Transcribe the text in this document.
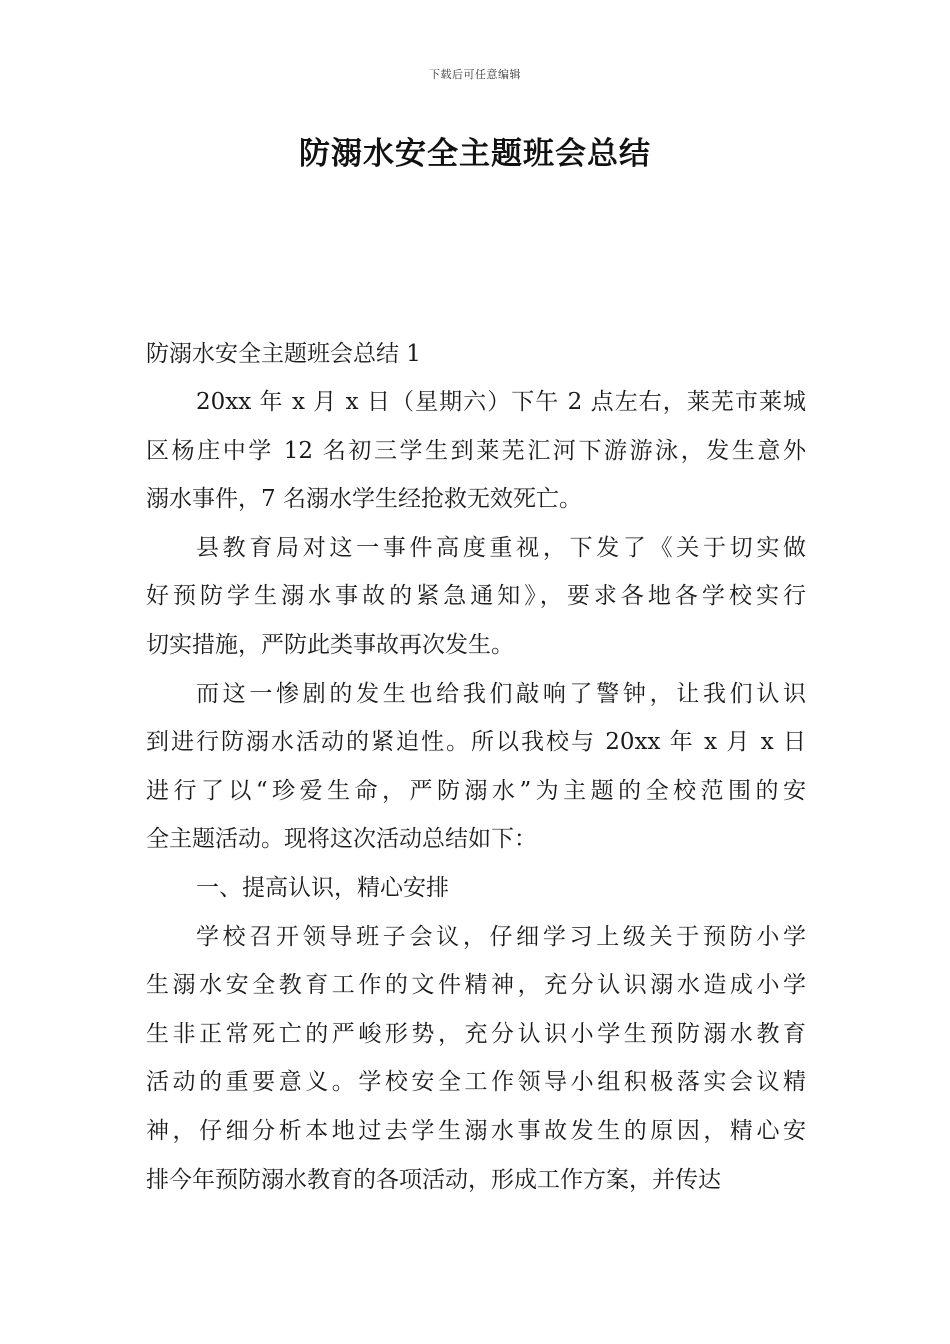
下载后可任意编辑
防溺水安全主题班会总结

防溺水安全主题班会总结 1

20xx 年 x 月 x 日（星期六）下午 2 点左右，莱芜市莱城
区杨庄中学 12 名初三学生到莱芜汇河下游游泳，发生意外
溺水事件，7 名溺水学生经抢救无效死亡。
县教育局对这一事件高度重视，下发了《关于切实做
好预防学生溺水事故的紧急通知》，要求各地各学校实行
切实措施，严防此类事故再次发生。
而这一惨剧的发生也给我们敲响了警钟，让我们认识
到进行防溺水活动的紧迫性。所以我校与 20xx 年 x 月 x 日
进行了以“珍爱生命，严防溺水”为主题的全校范围的安
全主题活动。现将这次活动总结如下：
一、提高认识，精心安排
学校召开领导班子会议，仔细学习上级关于预防小学
生溺水安全教育工作的文件精神，充分认识溺水造成小学
生非正常死亡的严峻形势，充分认识小学生预防溺水教育
活动的重要意义。学校安全工作领导小组积极落实会议精
神，仔细分析本地过去学生溺水事故发生的原因，精心安
排今年预防溺水教育的各项活动，形成工作方案，并传达
